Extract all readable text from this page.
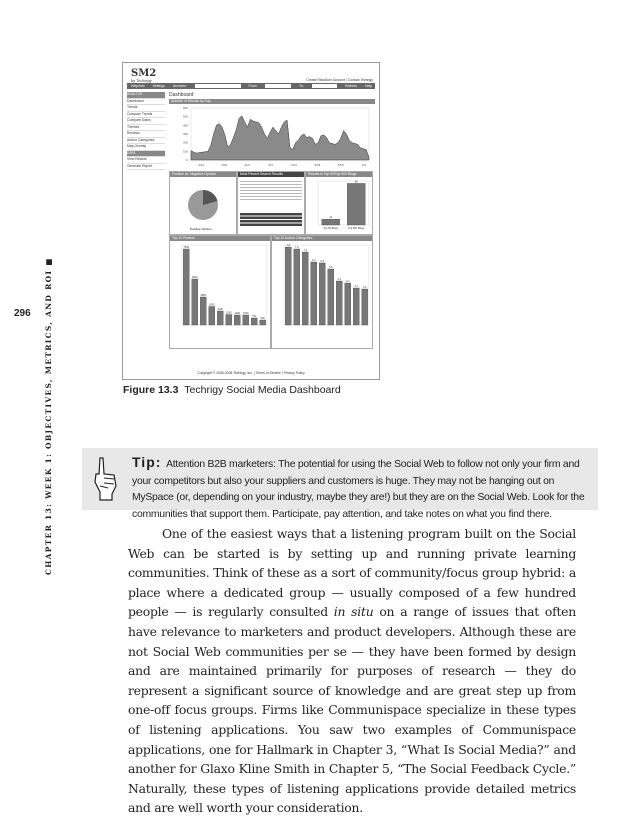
296 CHAPTER 13: WEEK 1: OBJECTIVES, METRICS, AND ROI ■
SM2
by Techrigy	Create Rss/Atom Account | Contact Techrigy
Help/Info Settings Archives:	From:	To:	Refresh Help
ANALYZE
Dashboard
Trends
Compare Trends
Compare Dates
Themes
Reviews
Author Categories
Map Overlay
DATA
View Results
Generate Report
Dashboard
Number of Results by Day
0
100
200
300
400
500
600
4/13	4/20	4/27	5/4	5/11	5/18	5/25	6/1
Positive vs. Negative Opinion
Positive Opinion
Most Recent Search Results	Results in Top 50/Top 500 Blogs
12
Top 50 Blogs
85
Top 500 Blogs
Top 10 Posters
7600
4600
2800
1850
1400
1050 1000 1000
700
500
Top 10 Author Categories
7.8
7.6
7.3
6.3 6.2
5.6
4.4
4.2
3.7 3.6
Copyright © 2006-2008 Techrigy, Inc. | Terms of Service | Privacy Policy
Figure 13.3 Techrigy Social Media Dashboard
Tip: Attention B2B marketers: The potential for using the Social Web to follow not only your firm and your competitors but also your suppliers and customers is huge. They may not be hanging out on MySpace (or, depending on your industry, maybe they are!) but they are on the Social Web. Look for the communities that support them. Participate, pay attention, and take notes on what you find there.
One of the easiest ways that a listening program built on the Social Web can be started is by setting up and running private learning communities. Think of these as a sort of community/focus group hybrid: a place where a dedicated group — usually composed of a few hundred people — is regularly consulted in situ on a range of issues that often have relevance to marketers and product developers. Although these are not Social Web communities per se — they have been formed by design and are maintained primarily for purposes of research — they do represent a significant source of knowledge and are great step up from one-off focus groups. Firms like Communispace specialize in these types of listening applications. You saw two examples of Communispace applications, one for Hallmark in Chapter 3, “What Is Social Media?” and another for Glaxo Kline Smith in Chapter 5, “The Social Feedback Cycle.” Naturally, these types of listening applications provide detailed metrics and are well worth your consideration.
